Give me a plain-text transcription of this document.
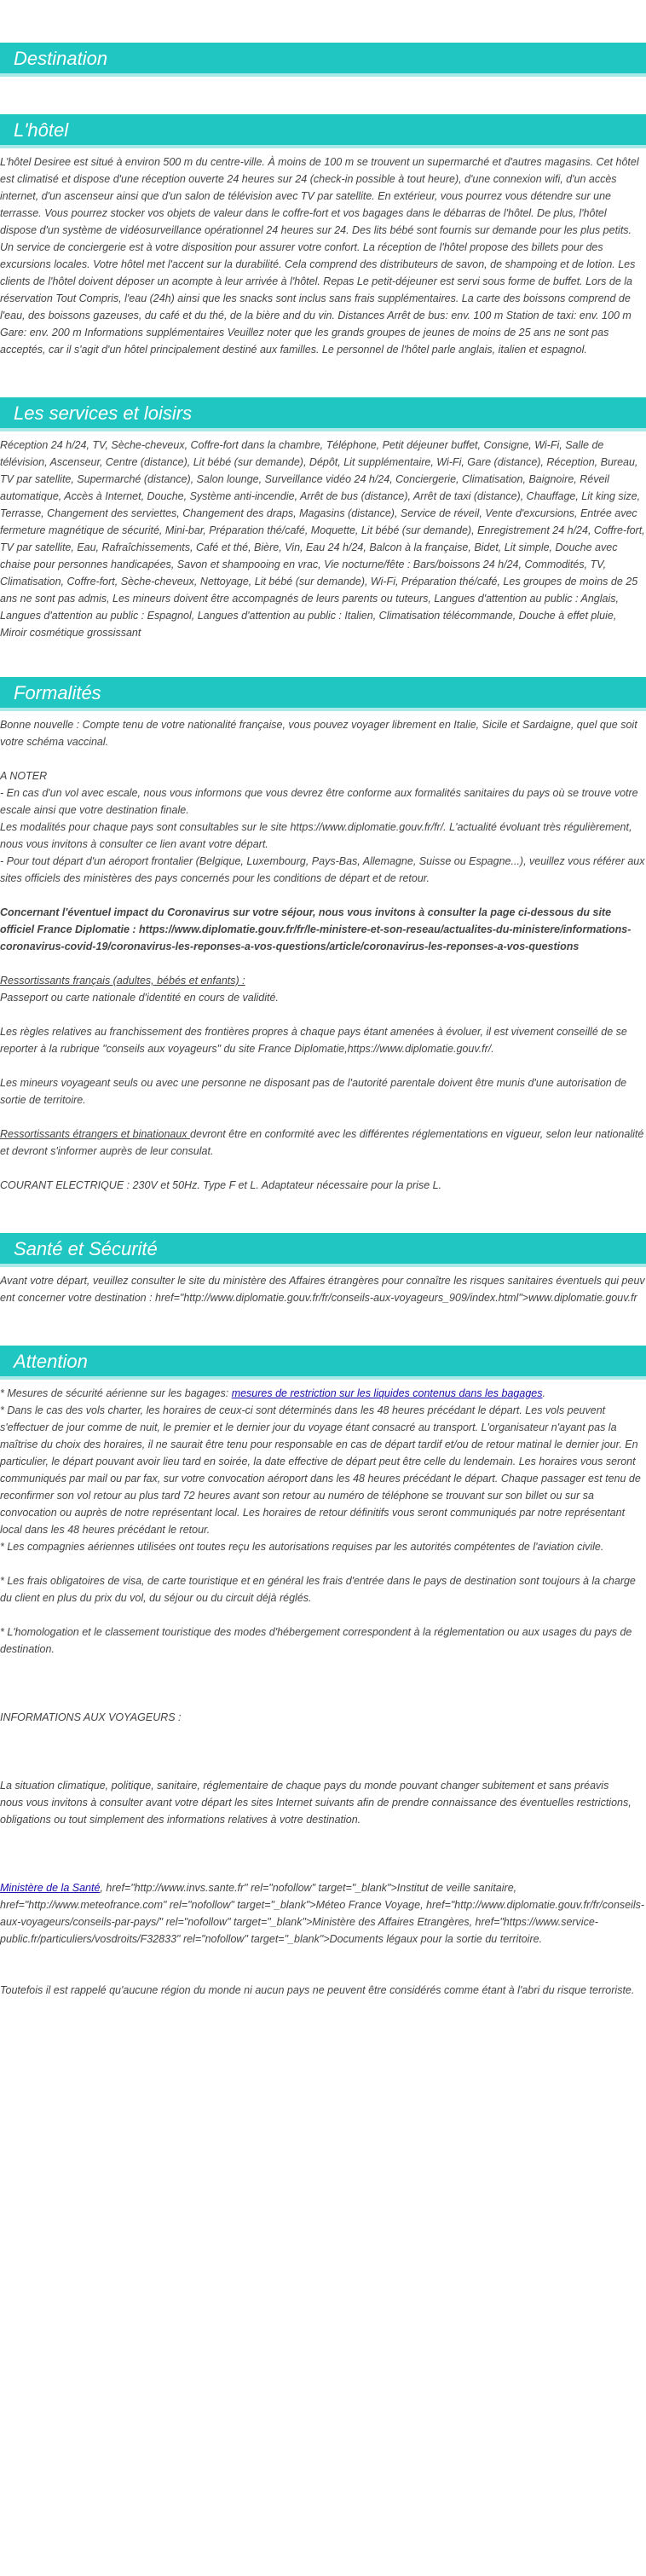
Destination
L'hôtel

L'hôtel Desiree est situé à environ 500 m du centre-ville. À moins de 100 m se trouvent un supermarché et d'autres magasins. Cet hôtel est climatisé et dispose d'une réception ouverte 24 heures sur 24 (check-in possible à tout heure), d'une connexion wifi, d'un accès internet, d'un ascenseur ainsi que d'un salon de télévision avec TV par satellite. En extérieur, vous pourrez vous détendre sur une terrasse. Vous pourrez stocker vos objets de valeur dans le coffre-fort et vos bagages dans le débarras de l'hôtel. De plus, l'hôtel dispose d'un système de vidéosurveillance opérationnel 24 heures sur 24. Des lits bébé sont fournis sur demande pour les plus petits. Un service de conciergerie est à votre disposition pour assurer votre confort. La réception de l'hôtel propose des billets pour des excursions locales. Votre hôtel met l'accent sur la durabilité. Cela comprend des distributeurs de savon, de shampoing et de lotion. Les clients de l'hôtel doivent déposer un acompte à leur arrivée à l'hôtel. Repas Le petit-déjeuner est servi sous forme de buffet. Lors de la réservation Tout Compris, l'eau (24h) ainsi que les snacks sont inclus sans frais supplémentaires. La carte des boissons comprend de l'eau, des boissons gazeuses, du café et du thé, de la bière and du vin. Distances Arrêt de bus: env. 100 m Station de taxi: env. 100 m Gare: env. 200 m Informations supplémentaires Veuillez noter que les grands groupes de jeunes de moins de 25 ans ne sont pas acceptés, car il s'agit d'un hôtel principalement destiné aux familles. Le personnel de l'hôtel parle anglais, italien et espagnol.

Les services et loisirs

Réception 24 h/24, TV, Sèche-cheveux, Coffre-fort dans la chambre, Téléphone, Petit déjeuner buffet, Consigne, Wi-Fi, Salle de télévision, Ascenseur, Centre (distance), Lit bébé (sur demande), Dépôt, Lit supplémentaire, Wi-Fi, Gare (distance), Réception, Bureau, TV par satellite, Supermarché (distance), Salon lounge, Surveillance vidéo 24 h/24, Conciergerie, Climatisation, Baignoire, Réveil automatique, Accès à Internet, Douche, Système anti-incendie, Arrêt de bus (distance), Arrêt de taxi (distance), Chauffage, Lit king size, Terrasse, Changement des serviettes, Changement des draps, Magasins (distance), Service de réveil, Vente d'excursions, Entrée avec fermeture magnétique de sécurité, Mini-bar, Préparation thé/café, Moquette, Lit bébé (sur demande), Enregistrement 24 h/24, Coffre-fort, TV par satellite, Eau, Rafraîchissements, Café et thé, Bière, Vin, Eau 24 h/24, Balcon à la française, Bidet, Lit simple, Douche avec chaise pour personnes handicapées, Savon et shampooing en vrac, Vie nocturne/fête : Bars/boissons 24 h/24, Commodités, TV, Climatisation, Coffre-fort, Sèche-cheveux, Nettoyage, Lit bébé (sur demande), Wi-Fi, Préparation thé/café, Les groupes de moins de 25 ans ne sont pas admis, Les mineurs doivent être accompagnés de leurs parents ou tuteurs, Langues d'attention au public : Anglais, Langues d'attention au public : Espagnol, Langues d'attention au public : Italien, Climatisation télécommande, Douche à effet pluie, Miroir cosmétique grossissant

Formalités

Bonne nouvelle : Compte tenu de votre nationalité française, vous pouvez voyager librement en Italie, Sicile et Sardaigne, quel que soit votre schéma vaccinal.

A NOTER

- En cas d'un vol avec escale, nous vous informons que vous devrez être conforme aux formalités sanitaires du pays où se trouve votre escale ainsi que votre destination finale.

Les modalités pour chaque pays sont consultables sur le site https://www.diplomatie.gouv.fr/fr/. L'actualité évoluant très régulièrement, nous vous invitons à consulter ce lien avant votre départ.

- Pour tout départ d'un aéroport frontalier (Belgique, Luxembourg, Pays-Bas, Allemagne, Suisse ou Espagne...), veuillez vous référer aux sites officiels des ministères des pays concernés pour les conditions de départ et de retour.

Concernant l'éventuel impact du Coronavirus sur votre séjour, nous vous invitons à consulter la page ci-dessous du site officiel France Diplomatie : https://www.diplomatie.gouv.fr/fr/le-ministere-et-son-reseau/actualites-du-ministere/informations-coronavirus-covid-19/coronavirus-les-reponses-a-vos-questions/article/coronavirus-les-reponses-a-vos-questions

Ressortissants français (adultes, bébés et enfants) :

Passeport ou carte nationale d'identité en cours de validité.

Les règles relatives au franchissement des frontières propres à chaque pays étant amenées à évoluer, il est vivement conseillé de se reporter à la rubrique "conseils aux voyageurs" du site France Diplomatie,https://www.diplomatie.gouv.fr/.

Les mineurs voyageant seuls ou avec une personne ne disposant pas de l'autorité parentale doivent être munis d'une autorisation de sortie de territoire.

Ressortissants étrangers et binationaux devront être en conformité avec les différentes réglementations en vigueur, selon leur nationalité et devront s'informer auprès de leur consulat.

COURANT ELECTRIQUE : 230V et 50Hz. Type F et L. Adaptateur nécessaire pour la prise L.

Santé et Sécurité

Avant votre départ, veuillez consulter le site du ministère des Affaires étrangères pour connaître les risques sanitaires éventuels qui peuvent concerner votre destination : href="http://www.diplomatie.gouv.fr/fr/conseils-aux-voyageurs_909/index.html">www.diplomatie.gouv.fr

Attention

* Mesures de sécurité aérienne sur les bagages: mesures de restriction sur les liquides contenus dans les bagages.

* Dans le cas des vols charter, les horaires de ceux-ci sont déterminés dans les 48 heures précédant le départ. Les vols peuvent s'effectuer de jour comme de nuit, le premier et le dernier jour du voyage étant consacré au transport. L'organisateur n'ayant pas la maîtrise du choix des horaires, il ne saurait être tenu pour responsable en cas de départ tardif et/ou de retour matinal le dernier jour. En particulier, le départ pouvant avoir lieu tard en soirée, la date effective de départ peut être celle du lendemain. Les horaires vous seront communiqués par mail ou par fax, sur votre convocation aéroport dans les 48 heures précédant le départ. Chaque passager est tenu de reconfirmer son vol retour au plus tard 72 heures avant son retour au numéro de téléphone se trouvant sur son billet ou sur sa convocation ou auprès de notre représentant local. Les horaires de retour définitifs vous seront communiqués par notre représentant local dans les 48 heures précédant le retour.

* Les compagnies aériennes utilisées ont toutes reçu les autorisations requises par les autorités compétentes de l'aviation civile.

* Les frais obligatoires de visa, de carte touristique et en général les frais d'entrée dans le pays de destination sont toujours à la charge du client en plus du prix du vol, du séjour ou du circuit déjà réglés.

* L'homologation et le classement touristique des modes d'hébergement correspondent à la réglementation ou aux usages du pays de destination.

INFORMATIONS AUX VOYAGEURS :

La situation climatique, politique, sanitaire, réglementaire de chaque pays du monde pouvant changer subitement et sans préavis

nous vous invitons à consulter avant votre départ les sites Internet suivants afin de prendre connaissance des éventuelles restrictions, obligations ou tout simplement des informations relatives à votre destination.

Ministère de la Santé, href="http://www.invs.sante.fr" rel="nofollow" target="_blank">Institut de veille sanitaire, href="http://www.meteofrance.com" rel="nofollow" target="_blank">Méteo France Voyage, href="http://www.diplomatie.gouv.fr/fr/conseils-aux-voyageurs/conseils-par-pays/" rel="nofollow" target="_blank">Ministère des Affaires Etrangères, href="https://www.service-public.fr/particuliers/vosdroits/F32833" rel="nofollow" target="_blank">Documents légaux pour la sortie du territoire.

Toutefois il est rappelé qu'aucune région du monde ni aucun pays ne peuvent être considérés comme étant à l'abri du risque terroriste.
